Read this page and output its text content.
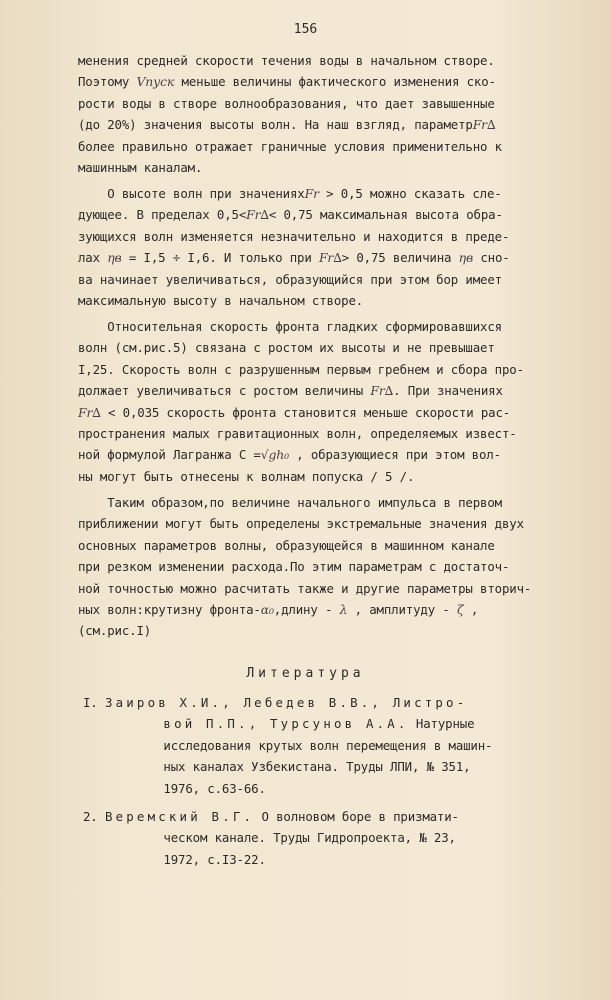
156
менения средней скорости течения воды в начальном створе.
Поэтому Vпуск меньше величины фактического изменения ско-
рости воды в створе волнообразования, что дает завышенные
(до 20%) значения высоты волн. На наш взгляд, параметрFr∆
более правильно отражает граничные условия применительно к
машинным каналам.
О высоте волн при значенияхFr > 0,5 можно сказать сле-
дующее. В пределах 0,5<Fr∆< 0,75 максимальная высота обра-
зующихся волн изменяется незначительно и находится в преде-
лах ηв = I,5 ÷ I,6. И только при Fr∆> 0,75 величина ηв сно-
ва начинает увеличиваться, образующийся при этом бор имеет
максимальную высоту в начальном створе.
Относительная скорость фронта гладких сформировавшихся
волн (см.рис.5) связана с ростом их высоты и не превышает
I,25. Скорость волн с разрушенным первым гребнем и сбора про-
должает увеличиваться с ростом величины Fr∆. При значениях
Fr∆ < 0,035 скорость фронта становится меньше скорости рас-
пространения малых гравитационных волн, определяемых извест-
ной формулой Лагранжа С =√gh₀ , образующиеся при этом вол-
ны могут быть отнесены к волнам попуска / 5 /.
Таким образом,по величине начального импульса в первом
приближении могут быть определены экстремальные значения двух
основных параметров волны, образующейся в машинном канале
при резком изменении расхода.По этим параметрам с достаточ-
ной точностью можно расчитать также и другие параметры вторич-
ных волн:крутизну фронта-α₀,длину - λ , амплитуду - ζ ,
(см.рис.I)
Литература
I. Заиров Х.И., Лебедев В.В., Листро-
вой П.П., Турсунов А.А. Натурные
исследования крутых волн перемещения в машин-
ных каналах Узбекистана. Труды ЛПИ, № 351,
1976, с.63-66.
2. Веремский В.Г. О волновом боре в призмати-
ческом канале. Труды Гидропроекта, № 23,
1972, с.I3-22.
